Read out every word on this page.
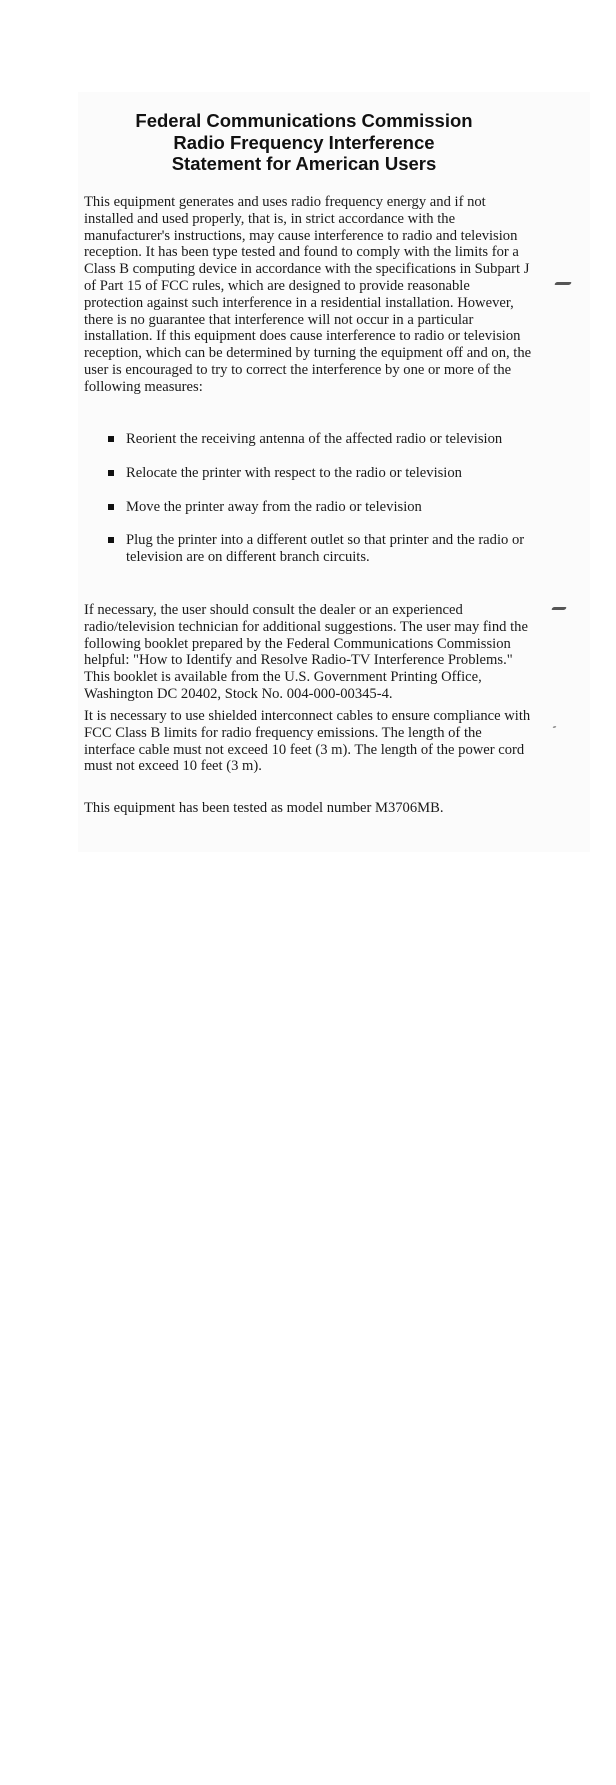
Federal Communications Commission
Radio Frequency Interference
Statement for American Users

This equipment generates and uses radio frequency energy and if not installed and used properly, that is, in strict accordance with the manufacturer's instructions, may cause interference to radio and television reception. It has been type tested and found to comply with the limits for a Class B computing device in accordance with the specifications in Subpart J of Part 15 of FCC rules, which are designed to provide reasonable protection against such interference in a residential installation. However, there is no guarantee that interference will not occur in a particular installation. If this equipment does cause interference to radio or television reception, which can be determined by turning the equipment off and on, the user is encouraged to try to correct the interference by one or more of the following measures:

Reorient the receiving antenna of the affected radio or television
Relocate the printer with respect to the radio or television
Move the printer away from the radio or television
Plug the printer into a different outlet so that printer and the radio or television are on different branch circuits.

If necessary, the user should consult the dealer or an experienced radio/television technician for additional suggestions. The user may find the following booklet prepared by the Federal Communications Commission helpful: "How to Identify and Resolve Radio-TV Interference Problems." This booklet is available from the U.S. Government Printing Office, Washington DC 20402, Stock No. 004-000-00345-4.

It is necessary to use shielded interconnect cables to ensure compliance with FCC Class B limits for radio frequency emissions. The length of the interface cable must not exceed 10 feet (3 m). The length of the power cord must not exceed 10 feet (3 m).

This equipment has been tested as model number M3706MB.
